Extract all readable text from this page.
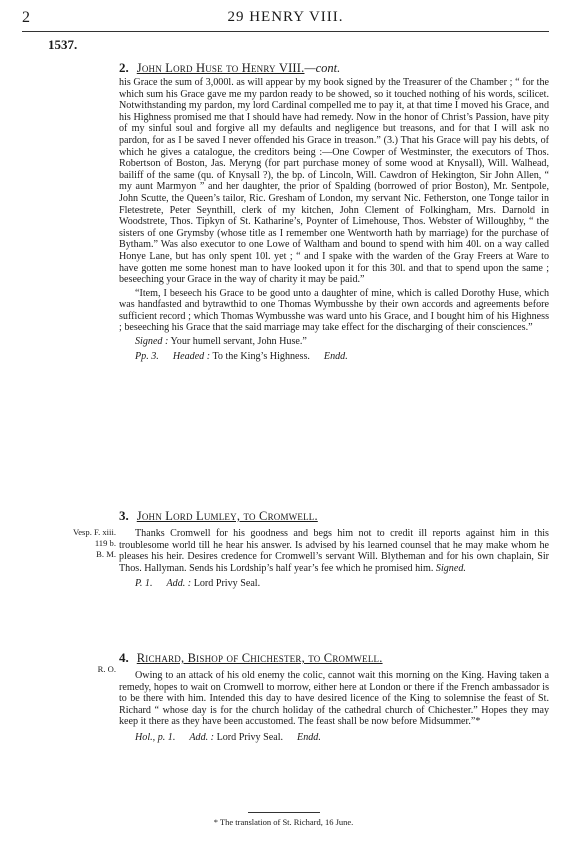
2	29 HENRY VIII.
1537.

2. John Lord Huse to Henry VIII.—cont.

his Grace the sum of 3,000l. as will appear by my book signed by the Treasurer of the Chamber ; “ for the which sum his Grace gave me my pardon ready to be showed, so it touched nothing of his words, scilicet. Notwithstanding my pardon, my lord Cardinal compelled me to pay it, at that time I moved his Grace, and his Highness promised me that I should have had remedy. Now in the honor of Christ’s Passion, have pity of my sinful soul and forgive all my defaults and negligence but treasons, and for that I will ask no pardon, for as I be saved I never offended his Grace in treason.” (3.) That his Grace will pay his debts, of which he gives a catalogue, the creditors being :—One Cowper of Westminster, the executors of Thos. Robertson of Boston, Jas. Meryng (for part purchase money of some wood at Knysall), Will. Walhead, bailiff of the same (qu. of Knysall ?), the bp. of Lincoln, Will. Cawdron of Hekington, Sir John Allen, “ my aunt Marmyon ” and her daughter, the prior of Spalding (borrowed of prior Boston), Mr. Sentpole, John Scutte, the Queen’s tailor, Ric. Gresham of London, my servant Nic. Fetherston, one Tonge tailor in Fletestrete, Peter Seynthill, clerk of my kitchen, John Clement of Folkingham, Mrs. Darnold in Woodstrete, Thos. Tipkyn of St. Katharine’s, Poynter of Limehouse, Thos. Webster of Willoughby, “ the sisters of one Grymsby (whose title as I remember one Wentworth hath by marriage) for the purchase of Bytham.” Was also executor to one Lowe of Waltham and bound to spend with him 40l. on a way called Honye Lane, but has only spent 10l. yet ; “ and I spake with the warden of the Gray Freers at Ware to have gotten me some honest man to have looked upon it for this 30l. and that to spend upon the same ; beseeching your Grace in the way of charity it may be paid.”

“Item, I beseech his Grace to be good unto a daughter of mine, which is called Dorothy Huse, which was handfasted and bytrawthid to one Thomas Wymbusshe by their own accords and agreements before sufficient record ; which Thomas Wymbusshe was ward unto his Grace, and I bought him of his Highness ; beseeching his Grace that the said marriage may take effect for the discharging of their consciences.”

Signed : Your humell servant, John Huse.”

Pp. 3. Headed : To the King’s Highness. Endd.

Vesp. F. xiii.
119 b.
B. M.

3. John Lord Lumley, to Cromwell.

Thanks Cromwell for his goodness and begs him not to credit ill reports against him in this troublesome world till he hear his answer. Is advised by his learned counsel that he may make whom he pleases his heir. Desires credence for Cromwell’s servant Will. Blytheman and for his own chaplain, Sir Thos. Hallyman. Sends his Lordship’s half year’s fee which he promised him. Signed.

P. 1. Add. : Lord Privy Seal.

R. O.

4. Richard, Bishop of Chichester, to Cromwell.

Owing to an attack of his old enemy the colic, cannot wait this morning on the King. Having taken a remedy, hopes to wait on Cromwell to morrow, either here at London or there if the French ambassador is to be there with him. Intended this day to have desired licence of the King to solemnise the feast of St. Richard “ whose day is for the church holiday of the cathedral church of Chichester.” Hopes they may keep it there as they have been accustomed. The feast shall be now before Midsummer.”*

Hol., p. 1. Add. : Lord Privy Seal. Endd.

* The translation of St. Richard, 16 June.
